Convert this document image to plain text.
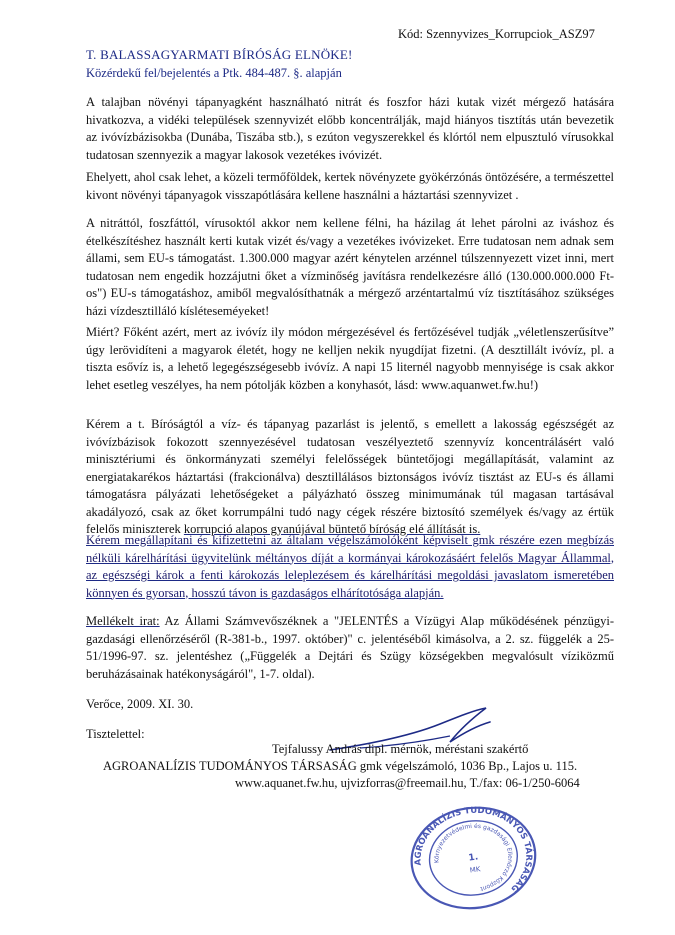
Kód: Szennyvizes_Korrupciok_ASZ97
T. BALASSAGYARMATI BÍRÓSÁG ELNÖKE!
Közérdekű fel/bejelentés a Ptk. 484-487. §. alapján

A talajban növényi tápanyagként használható nitrát és foszfor házi kutak vizét mérgező hatására hivatkozva, a vidéki települések szennyvizét előbb koncentrálják, majd hiányos tisztítás után bevezetik az ivóvízbázisokba (Dunába, Tiszába stb.), s ezúton vegyszerekkel és klórtól nem elpusztuló vírusokkal tudatosan szennyezik a magyar lakosok vezetékes ivóvizét.

Ehelyett, ahol csak lehet, a közeli termőföldek, kertek növényzete gyökérzónás öntözésére, a természettel kivont növényi tápanyagok visszapótlására kellene használni a háztartási szennyvizet .

A nitráttól, foszfáttól, vírusoktól akkor nem kellene félni, ha házilag át lehet párolni az iváshoz és ételkészítéshez használt kerti kutak vizét és/vagy a vezetékes ivóvizeket. Erre tudatosan nem adnak sem állami, sem EU-s támogatást. 1.300.000 magyar azért kénytelen arzénnel túlszennyezett vizet inni, mert tudatosan nem engedik hozzájutni őket a vízminőség javításra rendelkezésre álló (130.000.000.000 Ft-os") EU-s támogatáshoz, amiből megvalósíthatnák a mérgező arzéntartalmú víz tisztításához szükséges házi vízdesztilláló kísléteseméyeket!

Miért? Főként azért, mert az ivóvíz ily módon mérgezésével és fertőzésével tudják „véletlenszerűsítve” úgy lerövidíteni a magyarok életét, hogy ne kelljen nekik nyugdíjat fizetni. (A desztillált ivóvíz, pl. a tiszta esővíz is, a lehető legegészségesebb ivóvíz. A napi 15 liternél nagyobb mennyisége is csak akkor lehet esetleg veszélyes, ha nem pótolják közben a konyhasót, lásd: www.aquanwet.fw.hu!)

Kérem a t. Bíróságtól a víz- és tápanyag pazarlást is jelentő, s emellett a lakosság egészségét az ivóvízbázisok fokozott szennyezésével tudatosan veszélyeztető szennyvíz koncentrálásért való minisztériumi és önkormányzati személyi felelősségek büntetőjogi megállapítását, valamint az energiatakarékos háztartási (frakcionálva) desztillálásos biztonságos ivóvíz tisztást az EU-s és állami támogatásra pályázati lehetőségeket a pályázható összeg minimumának túl magasan tartásával akadályozó, csak az őket korrumpálni tudó nagy cégek részére biztosító személyek és/vagy az értük felelős miniszterek korrupció alapos gyanújával büntető bíróság elé állítását is.

Kérem megállapítani és kifizettetni az általam végelszámolóként képviselt gmk részére ezen megbízás nélküli kárelhárítási ügyvitelünk méltányos díját a kormányai károkozásáért felelős Magyar Állammal, az egészségi károk a fenti károkozás leleplezésem és kárelhárítási megoldási javaslatom ismeretében könnyen és gyorsan, hosszú távon is gazdaságos elhárítotósága alapján.

Mellékelt irat: Az Állami Számvevőszéknek a "JELENTÉS a Vízügyi Alap működésének pénzügyi-gazdasági ellenőrzéséről (R-381-b., 1997. október)" c. jelentéséből kimásolva, a 2. sz. függelék a 25-51/1996-97. sz. jelentéshez („Függelék a Dejtári és Szügy községekben megvalósult víziközmű beruházásainak hatékonyságáról", 1-7. oldal).

Verőce, 2009. XI. 30.
Tisztelettel:
Tejfalussy András dipl. mérnök, méréstani szakértő
AGROANALÍZIS TUDOMÁNYOS TÁRSASÁG gmk végelszámoló, 1036 Bp., Lajos u. 115.
www.aquanet.fw.hu, ujvizforras@freemail.hu, T./fax: 06-1/250-6064
AGROANALÍZIS TUDOMÁNYOS TÁRSASÁG
Környezetvédelmi és gazdasági Ellenőrző Központ
1.
MK
